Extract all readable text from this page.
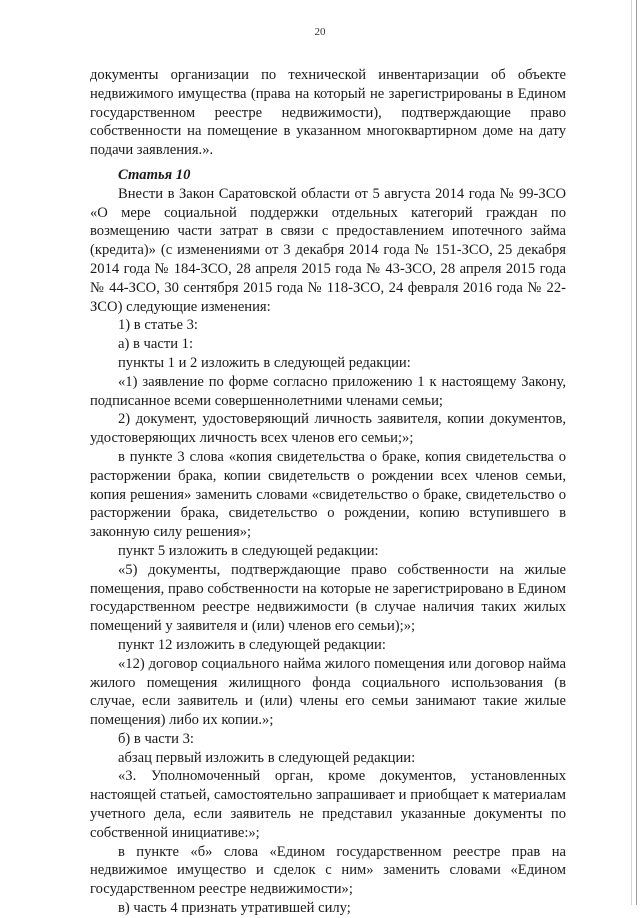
20

документы организации по технической инвентаризации об объекте недвижимого имущества (права на который не зарегистрированы в Едином государственном реестре недвижимости), подтверждающие право собственности на помещение в указанном многоквартирном доме на дату подачи заявления.».

Статья 10

Внести в Закон Саратовской области от 5 августа 2014 года № 99-ЗСО «О мере социальной поддержки отдельных категорий граждан по возмещению части затрат в связи с предоставлением ипотечного займа (кредита)» (с изменениями от 3 декабря 2014 года № 151-ЗСО, 25 декабря 2014 года № 184-ЗСО, 28 апреля 2015 года № 43-ЗСО, 28 апреля 2015 года № 44-ЗСО, 30 сентября 2015 года № 118-ЗСО, 24 февраля 2016 года № 22-ЗСО) следующие изменения:

1) в статье 3:

а) в части 1:

пункты 1 и 2 изложить в следующей редакции:

«1) заявление по форме согласно приложению 1 к настоящему Закону, подписанное всеми совершеннолетними членами семьи;

2) документ, удостоверяющий личность заявителя, копии документов, удостоверяющих личность всех членов его семьи;»;

в пункте 3 слова «копия свидетельства о браке, копия свидетельства о расторжении брака, копии свидетельств о рождении всех членов семьи, копия решения» заменить словами «свидетельство о браке, свидетельство о расторжении брака, свидетельство о рождении, копию вступившего в законную силу решения»;

пункт 5 изложить в следующей редакции:

«5) документы, подтверждающие право собственности на жилые помещения, право собственности на которые не зарегистрировано в Едином государственном реестре недвижимости (в случае наличия таких жилых помещений у заявителя и (или) членов его семьи);»;

пункт 12 изложить в следующей редакции:

«12) договор социального найма жилого помещения или договор найма жилого помещения жилищного фонда социального использования (в случае, если заявитель и (или) члены его семьи занимают такие жилые помещения) либо их копии.»;

б) в части 3:

абзац первый изложить в следующей редакции:

«3. Уполномоченный орган, кроме документов, установленных настоящей статьей, самостоятельно запрашивает и приобщает к материалам учетного дела, если заявитель не представил указанные документы по собственной инициативе:»;

в пункте «б» слова «Едином государственном реестре прав на недвижимое имущество и сделок с ним» заменить словами «Едином государственном реестре недвижимости»;

в) часть 4 признать утратившей силу;
